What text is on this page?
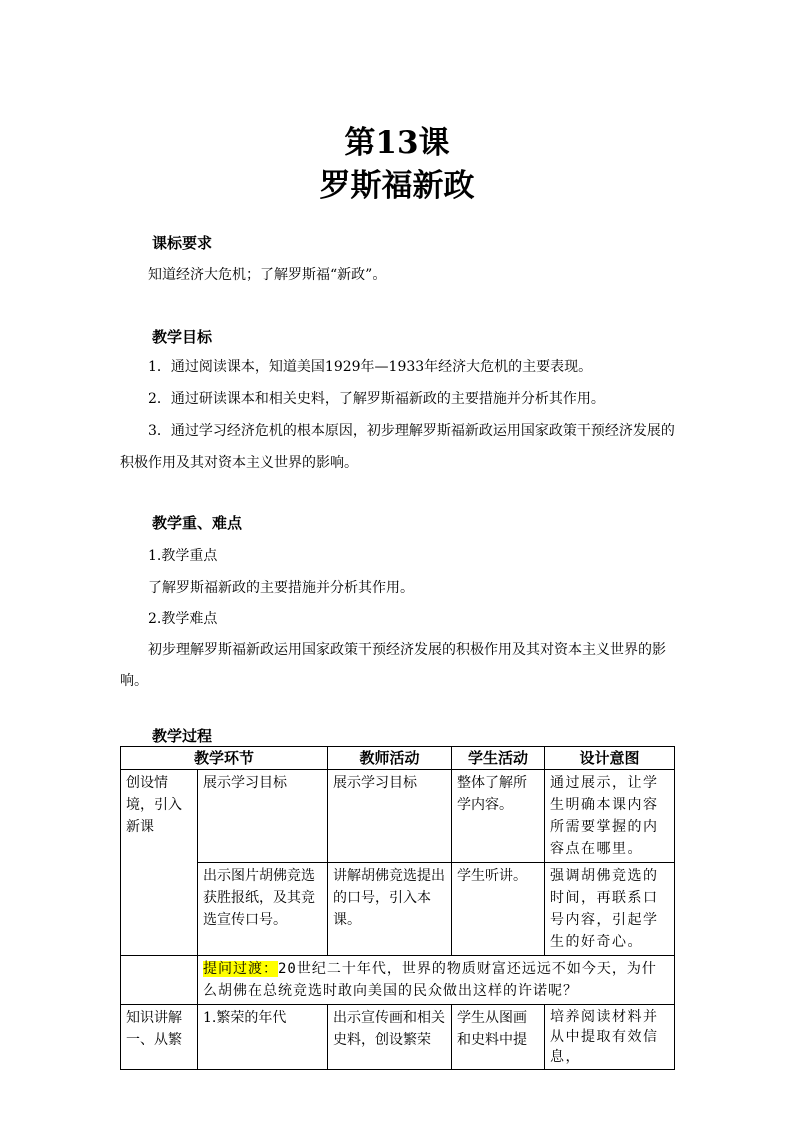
第13课
罗斯福新政
课标要求
知道经济大危机；了解罗斯福“新政”。
教学目标
1．通过阅读课本，知道美国1929年—1933年经济大危机的主要表现。
2．通过研读课本和相关史料，了解罗斯福新政的主要措施并分析其作用。
3．通过学习经济危机的根本原因，初步理解罗斯福新政运用国家政策干预经济发展的
积极作用及其对资本主义世界的影响。
教学重、难点
1.教学重点
了解罗斯福新政的主要措施并分析其作用。
2.教学难点
初步理解罗斯福新政运用国家政策干预经济发展的积极作用及其对资本主义世界的影
响。
教学过程
教学环节		教师活动	学生活动	设计意图
创设情境，引入新课	展示学习目标	展示学习目标	整体了解所学内容。	通过展示，让学生明确本课内容所需要掌握的内容点在哪里。
	出示图片胡佛竞选获胜报纸，及其竞选宣传口号。	讲解胡佛竞选提出的口号，引入本课。	学生听讲。	强调胡佛竞选的时间，再联系口号内容，引起学生的好奇心。
	提问过渡：20世纪二十年代，世界的物质财富还远远不如今天，为什么胡佛在总统竞选时敢向美国的民众做出这样的许诺呢？			
知识讲解一、从繁	1.繁荣的年代	出示宣传画和相关史料，创设繁荣	学生从图画和史料中提	培养阅读材料并从中提取有效信息，
